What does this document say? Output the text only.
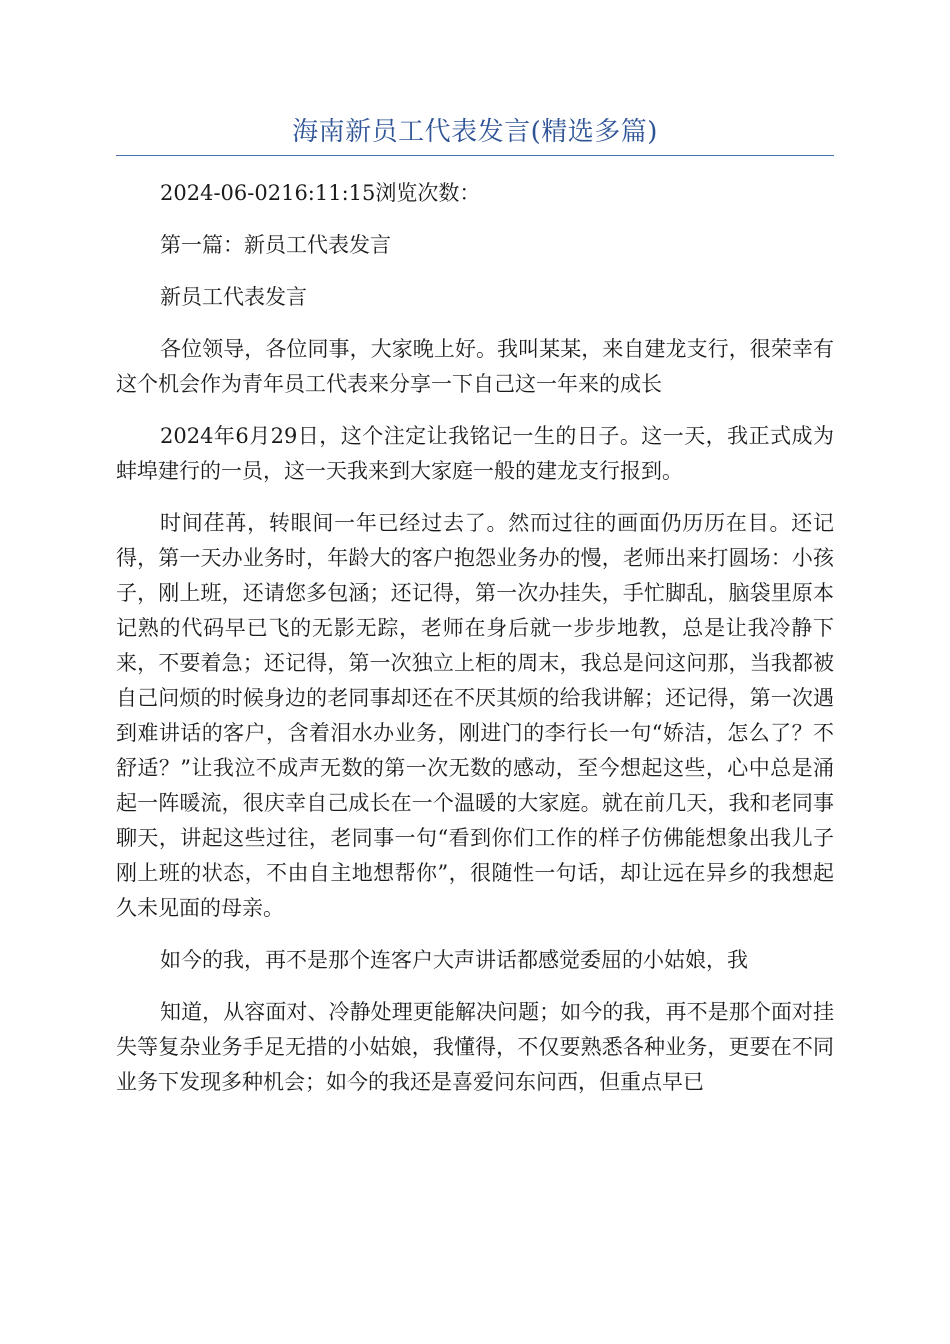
海南新员工代表发言(精选多篇)

2024-06-0216:11:15浏览次数：

第一篇：新员工代表发言

新员工代表发言

各位领导，各位同事，大家晚上好。我叫某某，来自建龙支行，很荣幸有这个机会作为青年员工代表来分享一下自己这一年来的成长

2024年6月29日，这个注定让我铭记一生的日子。这一天，我正式成为蚌埠建行的一员，这一天我来到大家庭一般的建龙支行报到。

时间荏苒，转眼间一年已经过去了。然而过往的画面仍历历在目。还记得，第一天办业务时，年龄大的客户抱怨业务办的慢，老师出来打圆场：小孩子，刚上班，还请您多包涵；还记得，第一次办挂失，手忙脚乱，脑袋里原本记熟的代码早已飞的无影无踪，老师在身后就一步步地教，总是让我冷静下来，不要着急；还记得，第一次独立上柜的周末，我总是问这问那，当我都被自己问烦的时候身边的老同事却还在不厌其烦的给我讲解；还记得，第一次遇到难讲话的客户，含着泪水办业务，刚进门的李行长一句“娇洁，怎么了？不舒适？”让我泣不成声无数的第一次无数的感动，至今想起这些，心中总是涌起一阵暖流，很庆幸自己成长在一个温暖的大家庭。就在前几天，我和老同事聊天，讲起这些过往，老同事一句“看到你们工作的样子仿佛能想象出我儿子刚上班的状态，不由自主地想帮你”，很随性一句话，却让远在异乡的我想起久未见面的母亲。

如今的我，再不是那个连客户大声讲话都感觉委屈的小姑娘，我

知道，从容面对、冷静处理更能解决问题；如今的我，再不是那个面对挂失等复杂业务手足无措的小姑娘，我懂得，不仅要熟悉各种业务，更要在不同业务下发现多种机会；如今的我还是喜爱问东问西，但重点早已
